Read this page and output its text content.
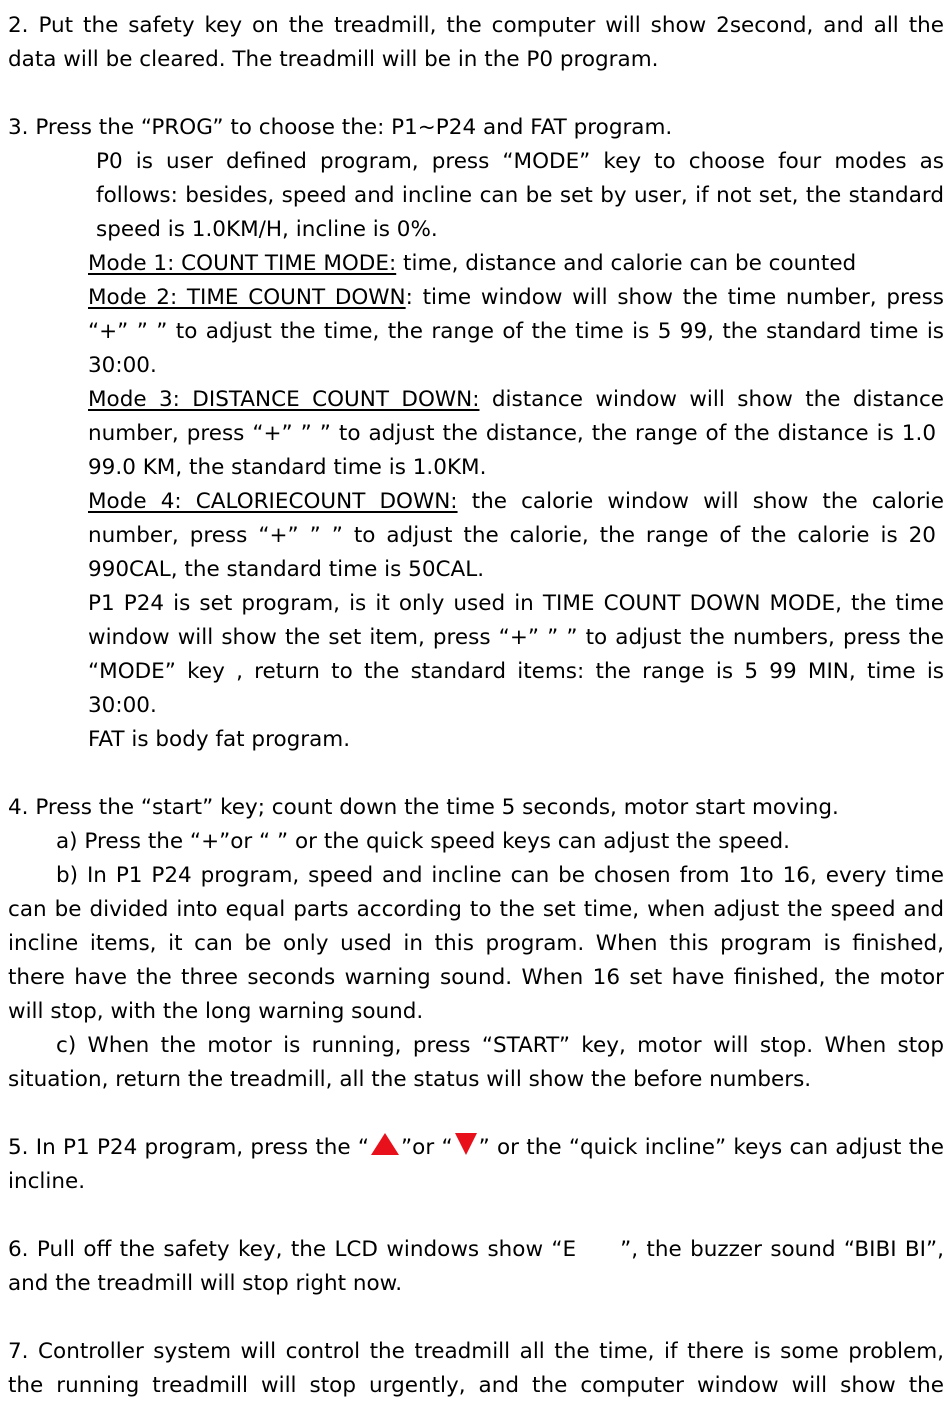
2. Put the safety key on the treadmill, the computer will show 2second, and all the
data will be cleared. The treadmill will be in the P0 program.
3. Press the “PROG” to choose the: P1~P24 and FAT program.
P0 is user defined program, press “MODE” key to choose four modes as
follows: besides, speed and incline can be set by user, if not set, the standard
speed is 1.0KM/H, incline is 0%.
Mode 1: COUNT TIME MODE: time, distance and calorie can be counted
Mode 2: TIME COUNT DOWN: time window will show the time number, press
“+” ” ” to adjust the time, the range of the time is 5 99, the standard time is
30:00.
Mode 3: DISTANCE COUNT DOWN: distance window will show the distance
number, press “+” ” ” to adjust the distance, the range of the distance is 1.0
99.0 KM, the standard time is 1.0KM.
Mode 4: CALORIECOUNT DOWN: the calorie window will show the calorie
number, press “+” ” ” to adjust the calorie, the range of the calorie is 20
990CAL, the standard time is 50CAL.
P1 P24 is set program, is it only used in TIME COUNT DOWN MODE, the time
window will show the set item, press “+” ” ” to adjust the numbers, press the
“MODE” key , return to the standard items: the range is 5 99 MIN, time is
30:00.
FAT is body fat program.
4. Press the “start” key; count down the time 5 seconds, motor start moving.
a) Press the “+”or “ ” or the quick speed keys can adjust the speed.
b) In P1 P24 program, speed and incline can be chosen from 1to 16, every time
can be divided into equal parts according to the set time, when adjust the speed and
incline items, it can be only used in this program. When this program is finished,
there have the three seconds warning sound. When 16 set have finished, the motor
will stop, with the long warning sound.
c) When the motor is running, press “START” key, motor will stop. When stop
situation, return the treadmill, all the status will show the before numbers.
5. In P1 P24 program, press the “ ”or “ ” or the “quick incline” keys can adjust the
incline.
6. Pull off the safety key, the LCD windows show “E ”, the buzzer sound “BIBI BI”,
and the treadmill will stop right now.
7. Controller system will control the treadmill all the time, if there is some problem,
the running treadmill will stop urgently, and the computer window will show the
